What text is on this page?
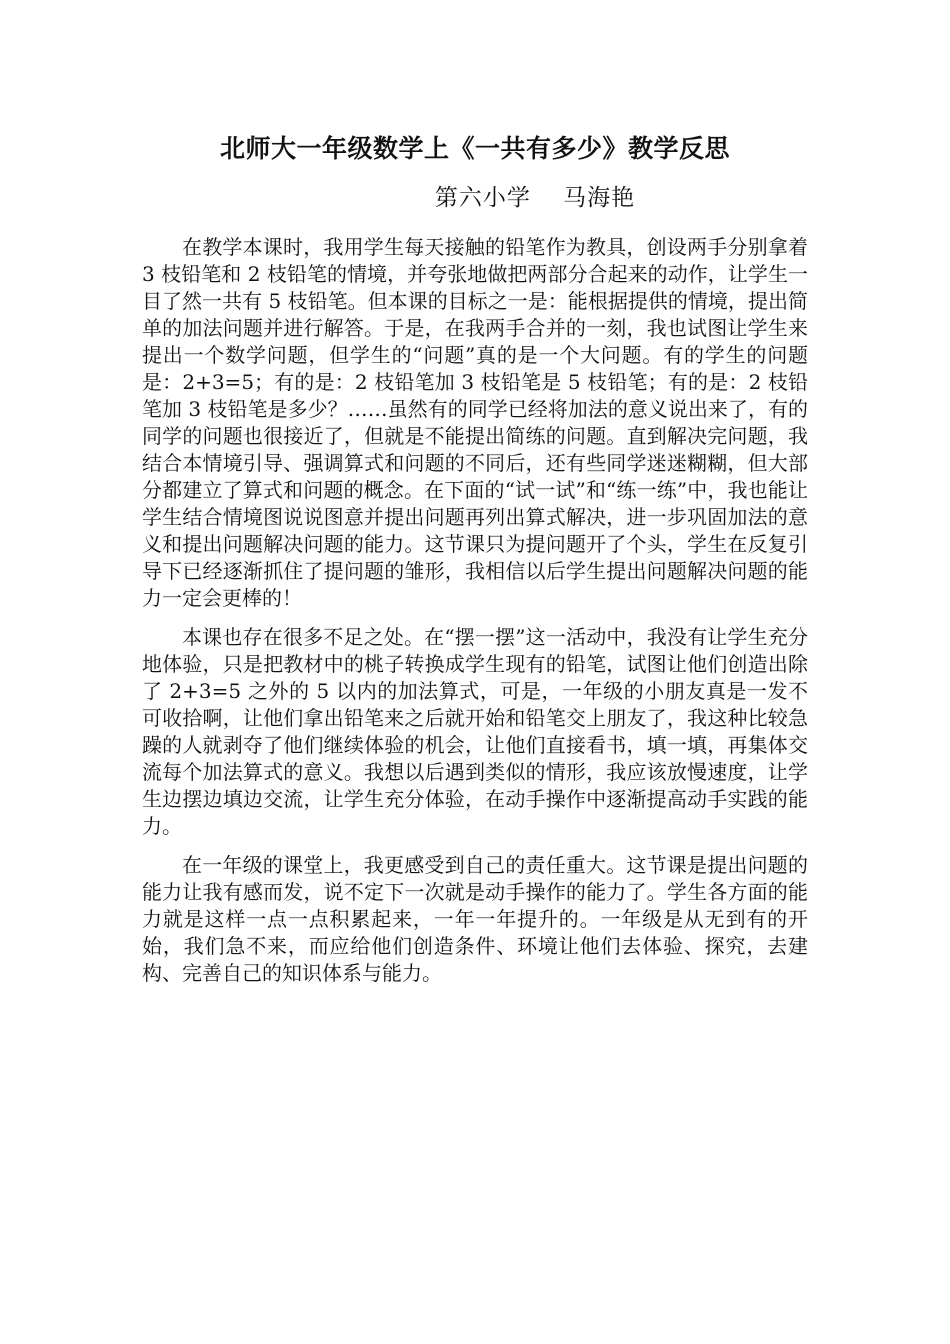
北师大一年级数学上《一共有多少》教学反思
第六小学　 马海艳

在教学本课时，我用学生每天接触的铅笔作为教具，创设两手分别拿着 3 枝铅笔和 2 枝铅笔的情境，并夸张地做把两部分合起来的动作，让学生一目了然一共有 5 枝铅笔。但本课的目标之一是：能根据提供的情境，提出简单的加法问题并进行解答。于是，在我两手合并的一刻，我也试图让学生来提出一个数学问题，但学生的“问题”真的是一个大问题。有的学生的问题是：2+3=5；有的是：2 枝铅笔加 3 枝铅笔是 5 枝铅笔；有的是：2 枝铅笔加 3 枝铅笔是多少？……虽然有的同学已经将加法的意义说出来了，有的同学的问题也很接近了，但就是不能提出简练的问题。直到解决完问题，我结合本情境引导、强调算式和问题的不同后，还有些同学迷迷糊糊，但大部分都建立了算式和问题的概念。在下面的“试一试”和“练一练”中，我也能让学生结合情境图说说图意并提出问题再列出算式解决，进一步巩固加法的意义和提出问题解决问题的能力。这节课只为提问题开了个头，学生在反复引导下已经逐渐抓住了提问题的雏形，我相信以后学生提出问题解决问题的能力一定会更棒的！

本课也存在很多不足之处。在“摆一摆”这一活动中，我没有让学生充分地体验，只是把教材中的桃子转换成学生现有的铅笔，试图让他们创造出除了 2+3=5 之外的 5 以内的加法算式，可是，一年级的小朋友真是一发不可收拾啊，让他们拿出铅笔来之后就开始和铅笔交上朋友了，我这种比较急躁的人就剥夺了他们继续体验的机会，让他们直接看书，填一填，再集体交流每个加法算式的意义。我想以后遇到类似的情形，我应该放慢速度，让学生边摆边填边交流，让学生充分体验，在动手操作中逐渐提高动手实践的能力。

在一年级的课堂上，我更感受到自己的责任重大。这节课是提出问题的能力让我有感而发，说不定下一次就是动手操作的能力了。学生各方面的能力就是这样一点一点积累起来，一年一年提升的。一年级是从无到有的开始，我们急不来，而应给他们创造条件、环境让他们去体验、探究，去建构、完善自己的知识体系与能力。
